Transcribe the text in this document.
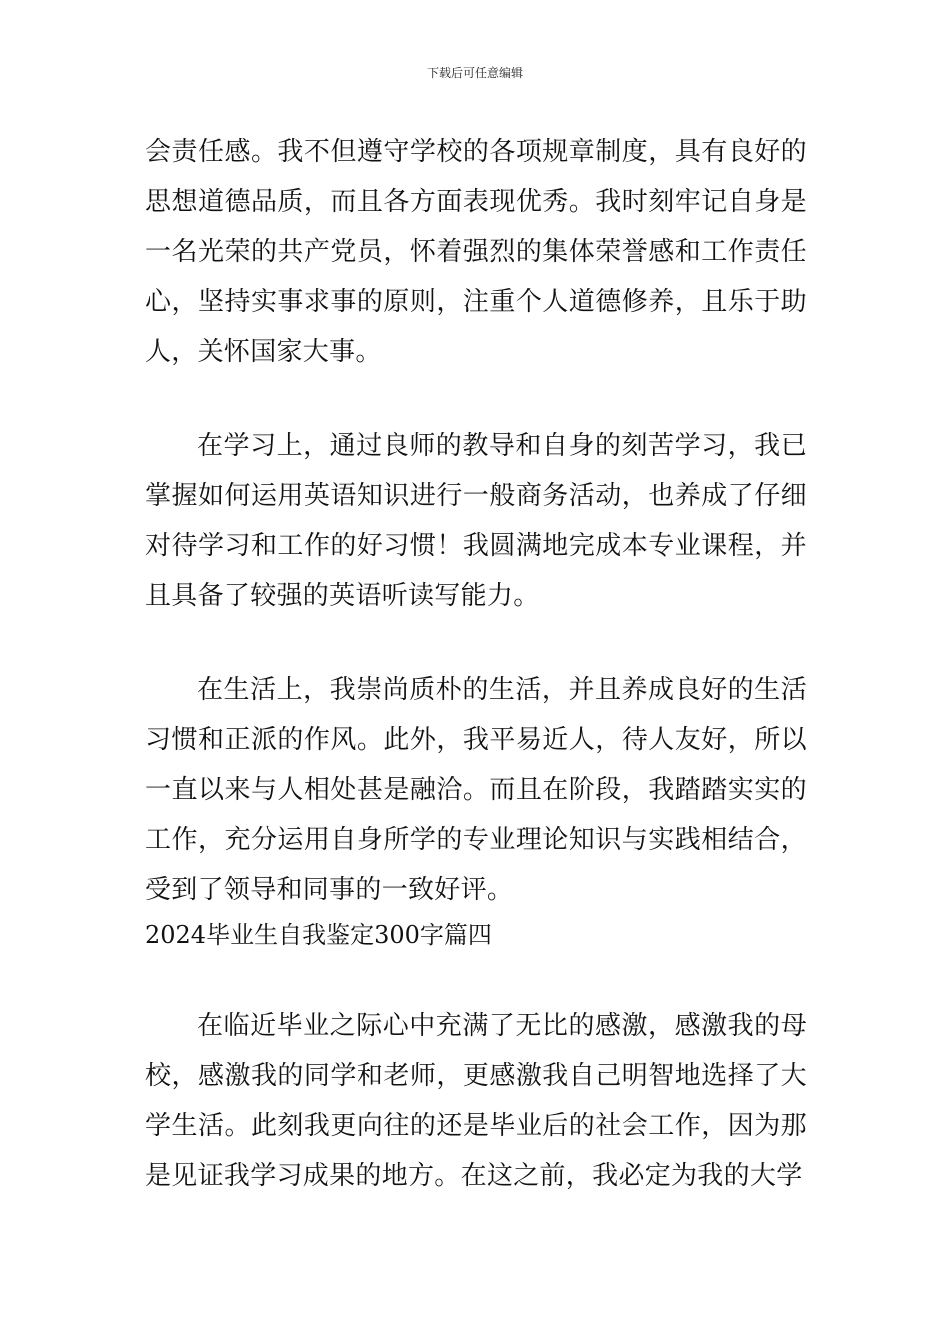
下载后可任意编辑

会责任感。我不但遵守学校的各项规章制度，具有良好的思想道德品质，而且各方面表现优秀。我时刻牢记自身是一名光荣的共产党员，怀着强烈的集体荣誉感和工作责任心，坚持实事求事的原则，注重个人道德修养，且乐于助人，关怀国家大事。

在学习上，通过良师的教导和自身的刻苦学习，我已掌握如何运用英语知识进行一般商务活动，也养成了仔细对待学习和工作的好习惯！我圆满地完成本专业课程，并且具备了较强的英语听读写能力。

在生活上，我崇尚质朴的生活，并且养成良好的生活习惯和正派的作风。此外，我平易近人，待人友好，所以一直以来与人相处甚是融洽。而且在阶段，我踏踏实实的工作，充分运用自身所学的专业理论知识与实践相结合，受到了领导和同事的一致好评。

2024毕业生自我鉴定300字篇四

在临近毕业之际心中充满了无比的感激，感激我的母校，感激我的同学和老师，更感激我自己明智地选择了大学生活。此刻我更向往的还是毕业后的社会工作，因为那是见证我学习成果的地方。在这之前，我必定为我的大学
